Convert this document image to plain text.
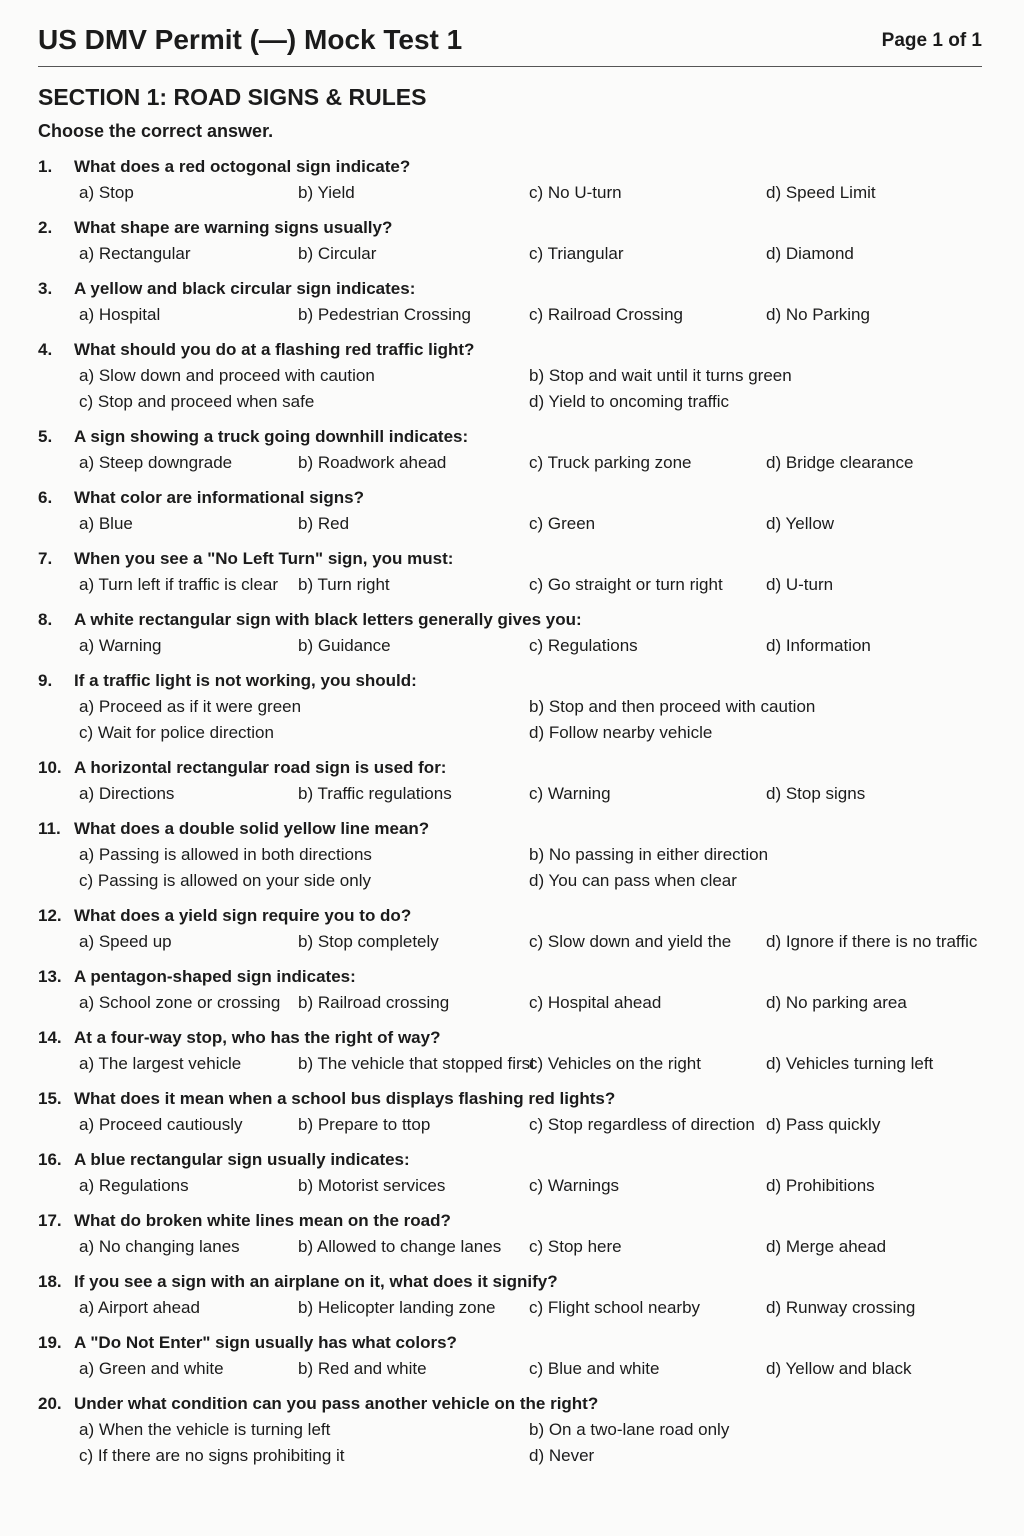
US DMV Permit (—) Mock Test 1	Page 1 of 1
SECTION 1: ROAD SIGNS & RULES
Choose the correct answer.
1. What does a red octogonal sign indicate?
a) Stop	b) Yield	c) No U-turn	d) Speed Limit
2. What shape are warning signs usually?
a) Rectangular	b) Circular	c) Triangular	d) Diamond
3. A yellow and black circular sign indicates:
a) Hospital	b) Pedestrian Crossing	c) Railroad Crossing	d) No Parking
4. What should you do at a flashing red traffic light?
a) Slow down and proceed with caution	b) Stop and wait until it turns green
c) Stop and proceed when safe	d) Yield to oncoming traffic
5. A sign showing a truck going downhill indicates:
a) Steep downgrade	b) Roadwork ahead	c) Truck parking zone	d) Bridge clearance
6. What color are informational signs?
a) Blue	b) Red	c) Green	d) Yellow
7. When you see a "No Left Turn" sign, you must:
a) Turn left if traffic is clear b) Turn right	c) Go straight or turn right	d) U-turn
8. A white rectangular sign with black letters generally gives you:
a) Warning	b) Guidance	c) Regulations	d) Information
9. If a traffic light is not working, you should:
a) Proceed as if it were green	b) Stop and then proceed with caution
c) Wait for police direction	d) Follow nearby vehicle
10. A horizontal rectangular road sign is used for:
a) Directions	b) Traffic regulations	c) Warning	d) Stop signs
11. What does a double solid yellow line mean?
a) Passing is allowed in both directions	b) No passing in either direction
c) Passing is allowed on your side only	d) You can pass when clear
12. What does a yield sign require you to do?
a) Speed up	b) Stop completely	c) Slow down and yield the d) Ignore if there is no traffic
13. A pentagon-shaped sign indicates:
a) School zone or crossing b) Railroad crossing	c) Hospital ahead	d) No parking area
14. At a four-way stop, who has the right of way?
a) The largest vehicle	b) The vehicle that stopped first
c) Vehicles on the right	d) Vehicles turning left
15. What does it mean when a school bus displays flashing red lights?
a) Proceed cautiously	b) Prepare to ttop	c) Stop regardless of direction d) Pass quickly
16. A blue rectangular sign usually indicates:
a) Regulations	b) Motorist services	c) Warnings	d) Prohibitions
17. What do broken white lines mean on the road?
a) No changing lanes	b) Allowed to change lanes c) Stop here	d) Merge ahead
18. If you see a sign with an airplane on it, what does it signify?
a) Airport ahead	b) Helicopter landing zone c) Flight school nearby	d) Runway crossing
19. A "Do Not Enter" sign usually has what colors?
a) Green and white	b) Red and white	c) Blue and white	d) Yellow and black
20. Under what condition can you pass another vehicle on the right?
a) When the vehicle is turning left	b) On a two-lane road only
c) If there are no signs prohibiting it	d) Never
